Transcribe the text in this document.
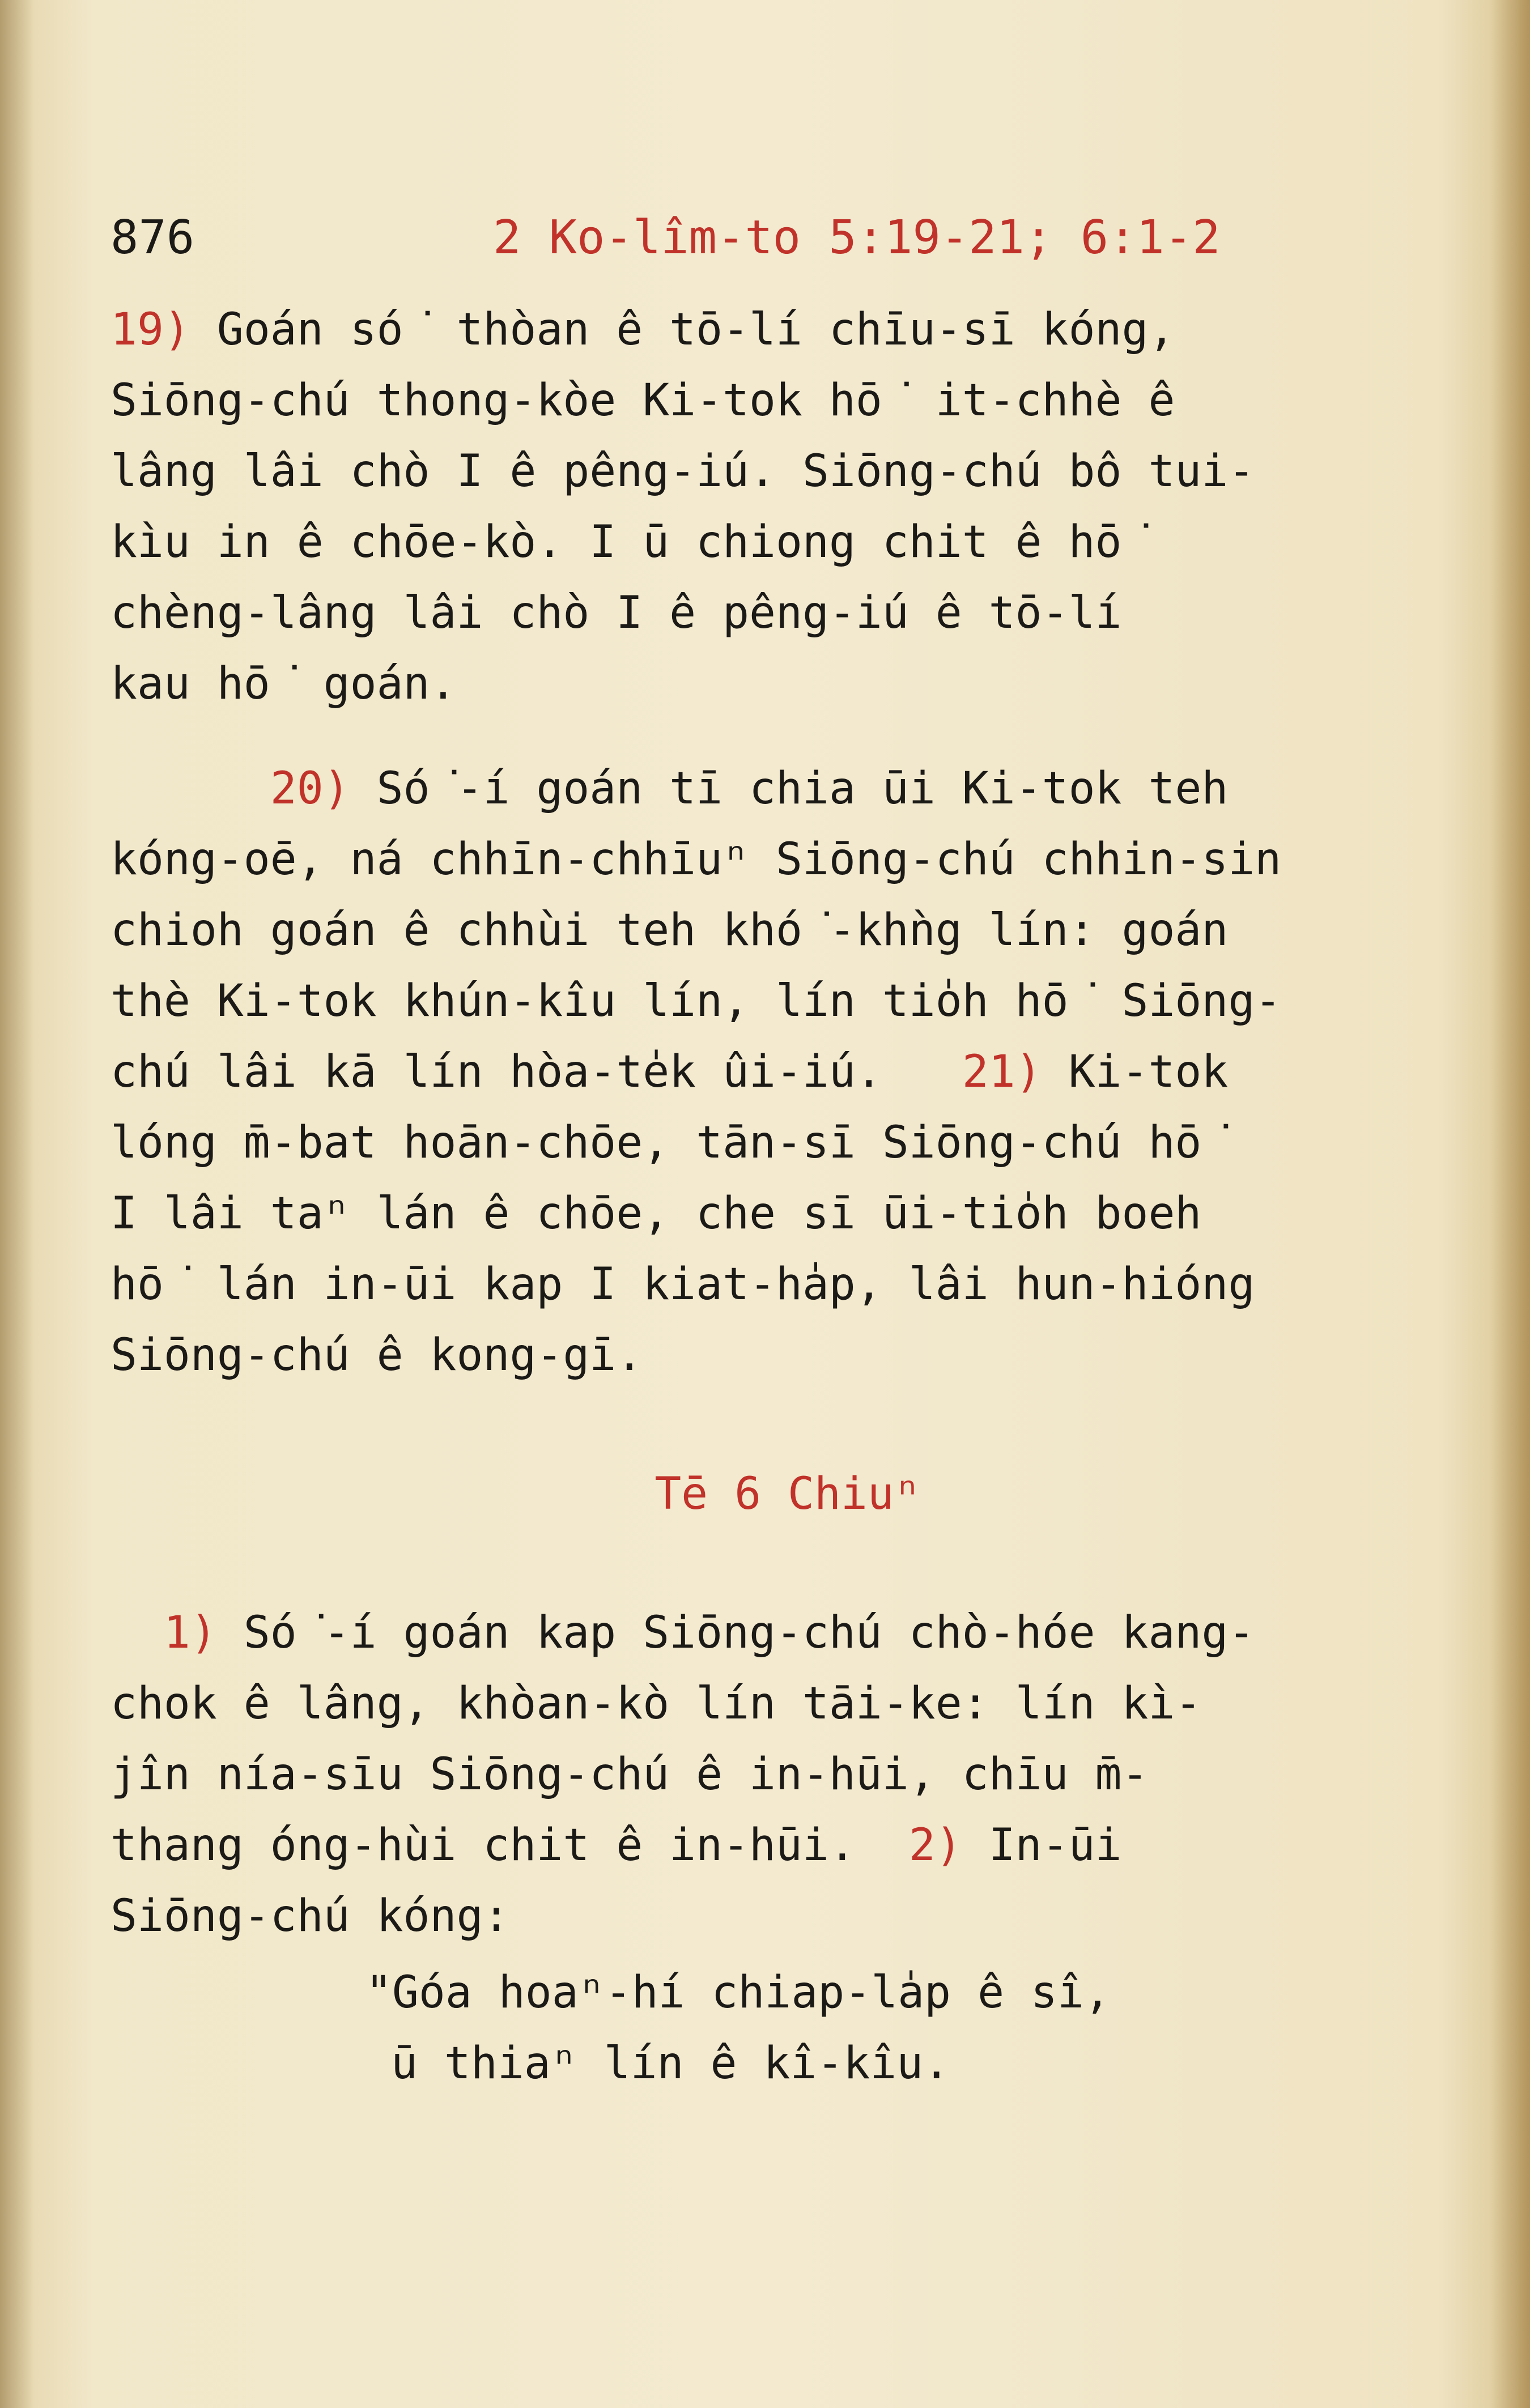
876	2 Ko-lîm-to 5:19-21; 6:1-2
19) Goán só͘ thòan ê tō-lí chīu-sī kóng,
Siōng-chú thong-kòe Ki-tok hō͘ it-chhè ê
lâng lâi chò I ê pêng-iú. Siōng-chú bô tui-
kìu in ê chōe-kò. I ū chiong chit ê hō͘
chèng-lâng lâi chò I ê pêng-iú ê tō-lí
kau hō͘ goán.
20) Só͘-í goán tī chia ūi Ki-tok teh
kóng-oē, ná chhīn-chhīuⁿ Siōng-chú chhin-sin
chioh goán ê chhùi teh khó͘-khǹg lín: goán
thè Ki-tok khún-kîu lín, lín tio̍h hō͘ Siōng-
chú lâi kā lín hòa-te̍k ûi-iú. 21) Ki-tok
lóng m̄-bat hoān-chōe, tān-sī Siōng-chú hō͘
I lâi taⁿ lán ê chōe, che sī ūi-tio̍h boeh
hō͘ lán in-ūi kap I kiat-ha̍p, lâi hun-hióng
Siōng-chú ê kong-gī.
Tē 6 Chiuⁿ
1) Só͘-í goán kap Siōng-chú chò-hóe kang-
chok ê lâng, khòan-kò lín tāi-ke: lín kì-
jîn nía-sīu Siōng-chú ê in-hūi, chīu m̄-
thang óng-hùi chit ê in-hūi. 2) In-ūi
Siōng-chú kóng:
"Góa hoaⁿ-hí chiap-la̍p ê sî,
ū thiaⁿ lín ê kî-kîu.
